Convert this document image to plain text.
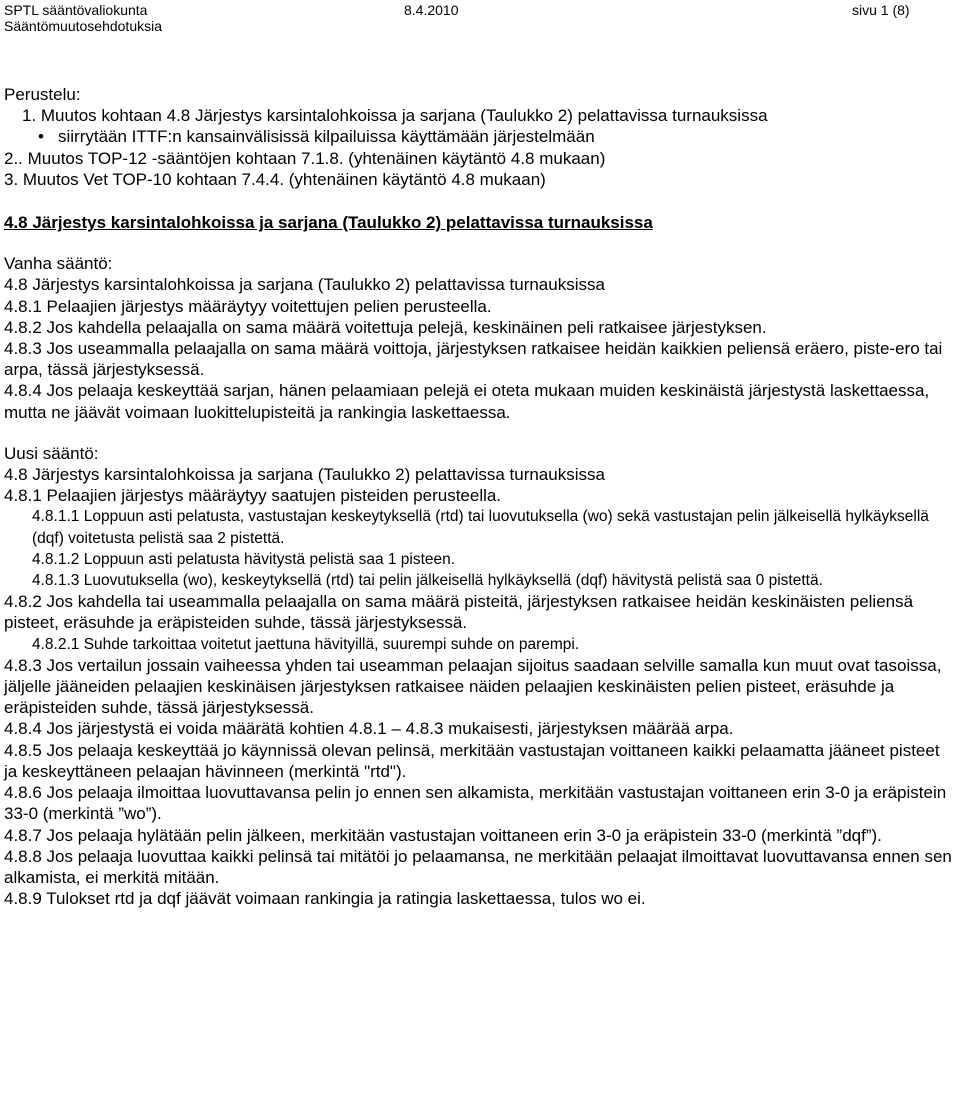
SPTL sääntövaliokunta
Sääntömuutosehdotuksia
8.4.2010	sivu 1 (8)
Perustelu:
1. Muutos kohtaan 4.8 Järjestys karsintalohkoissa ja sarjana (Taulukko 2) pelattavissa turnauksissa
• siirrytään ITTF:n kansainvälisissä kilpailuissa käyttämään järjestelmään
2.. Muutos TOP-12 -sääntöjen kohtaan 7.1.8. (yhtenäinen käytäntö 4.8 mukaan)
3. Muutos Vet TOP-10 kohtaan 7.4.4. (yhtenäinen käytäntö 4.8 mukaan)
4.8 Järjestys karsintalohkoissa ja sarjana (Taulukko 2) pelattavissa turnauksissa
Vanha sääntö:
4.8 Järjestys karsintalohkoissa ja sarjana (Taulukko 2) pelattavissa turnauksissa
4.8.1 Pelaajien järjestys määräytyy voitettujen pelien perusteella.
4.8.2 Jos kahdella pelaajalla on sama määrä voitettuja pelejä, keskinäinen peli ratkaisee järjestyksen.
4.8.3 Jos useammalla pelaajalla on sama määrä voittoja, järjestyksen ratkaisee heidän kaikkien peliensä eräero, piste-ero tai arpa, tässä järjestyksessä.
4.8.4 Jos pelaaja keskeyttää sarjan, hänen pelaamiaan pelejä ei oteta mukaan muiden keskinäistä järjestystä laskettaessa, mutta ne jäävät voimaan luokittelupisteitä ja rankingia laskettaessa.
Uusi sääntö:
4.8 Järjestys karsintalohkoissa ja sarjana (Taulukko 2) pelattavissa turnauksissa
4.8.1 Pelaajien järjestys määräytyy saatujen pisteiden perusteella.
4.8.1.1 Loppuun asti pelatusta, vastustajan keskeytyksellä (rtd) tai luovutuksella (wo) sekä vastustajan pelin jälkeisellä hylkäyksellä (dqf) voitetusta pelistä saa 2 pistettä.
4.8.1.2 Loppuun asti pelatusta hävitystä pelistä saa 1 pisteen.
4.8.1.3 Luovutuksella (wo), keskeytyksellä (rtd) tai pelin jälkeisellä hylkäyksellä (dqf) hävitystä pelistä saa 0 pistettä.
4.8.2 Jos kahdella tai useammalla pelaajalla on sama määrä pisteitä, järjestyksen ratkaisee heidän keskinäisten peliensä pisteet, eräsuhde ja eräpisteiden suhde, tässä järjestyksessä.
4.8.2.1 Suhde tarkoittaa voitetut jaettuna hävityillä, suurempi suhde on parempi.
4.8.3 Jos vertailun jossain vaiheessa yhden tai useamman pelaajan sijoitus saadaan selville samalla kun muut ovat tasoissa, jäljelle jääneiden pelaajien keskinäisen järjestyksen ratkaisee näiden pelaajien keskinäisten pelien pisteet, eräsuhde ja eräpisteiden suhde, tässä järjestyksessä.
4.8.4 Jos järjestystä ei voida määrätä kohtien 4.8.1 – 4.8.3 mukaisesti, järjestyksen määrää arpa.
4.8.5 Jos pelaaja keskeyttää jo käynnissä olevan pelinsä, merkitään vastustajan voittaneen kaikki pelaamatta jääneet pisteet ja keskeyttäneen pelaajan hävinneen (merkintä "rtd").
4.8.6 Jos pelaaja ilmoittaa luovuttavansa pelin jo ennen sen alkamista, merkitään vastustajan voittaneen erin 3-0 ja eräpistein 33-0 (merkintä ”wo”).
4.8.7 Jos pelaaja hylätään pelin jälkeen, merkitään vastustajan voittaneen erin 3-0 ja eräpistein 33-0 (merkintä ”dqf”).
4.8.8 Jos pelaaja luovuttaa kaikki pelinsä tai mitätöi jo pelaamansa, ne merkitään pelaajat ilmoittavat luovuttavansa ennen sen alkamista, ei merkitä mitään.
4.8.9 Tulokset rtd ja dqf jäävät voimaan rankingia ja ratingia laskettaessa, tulos wo ei.
